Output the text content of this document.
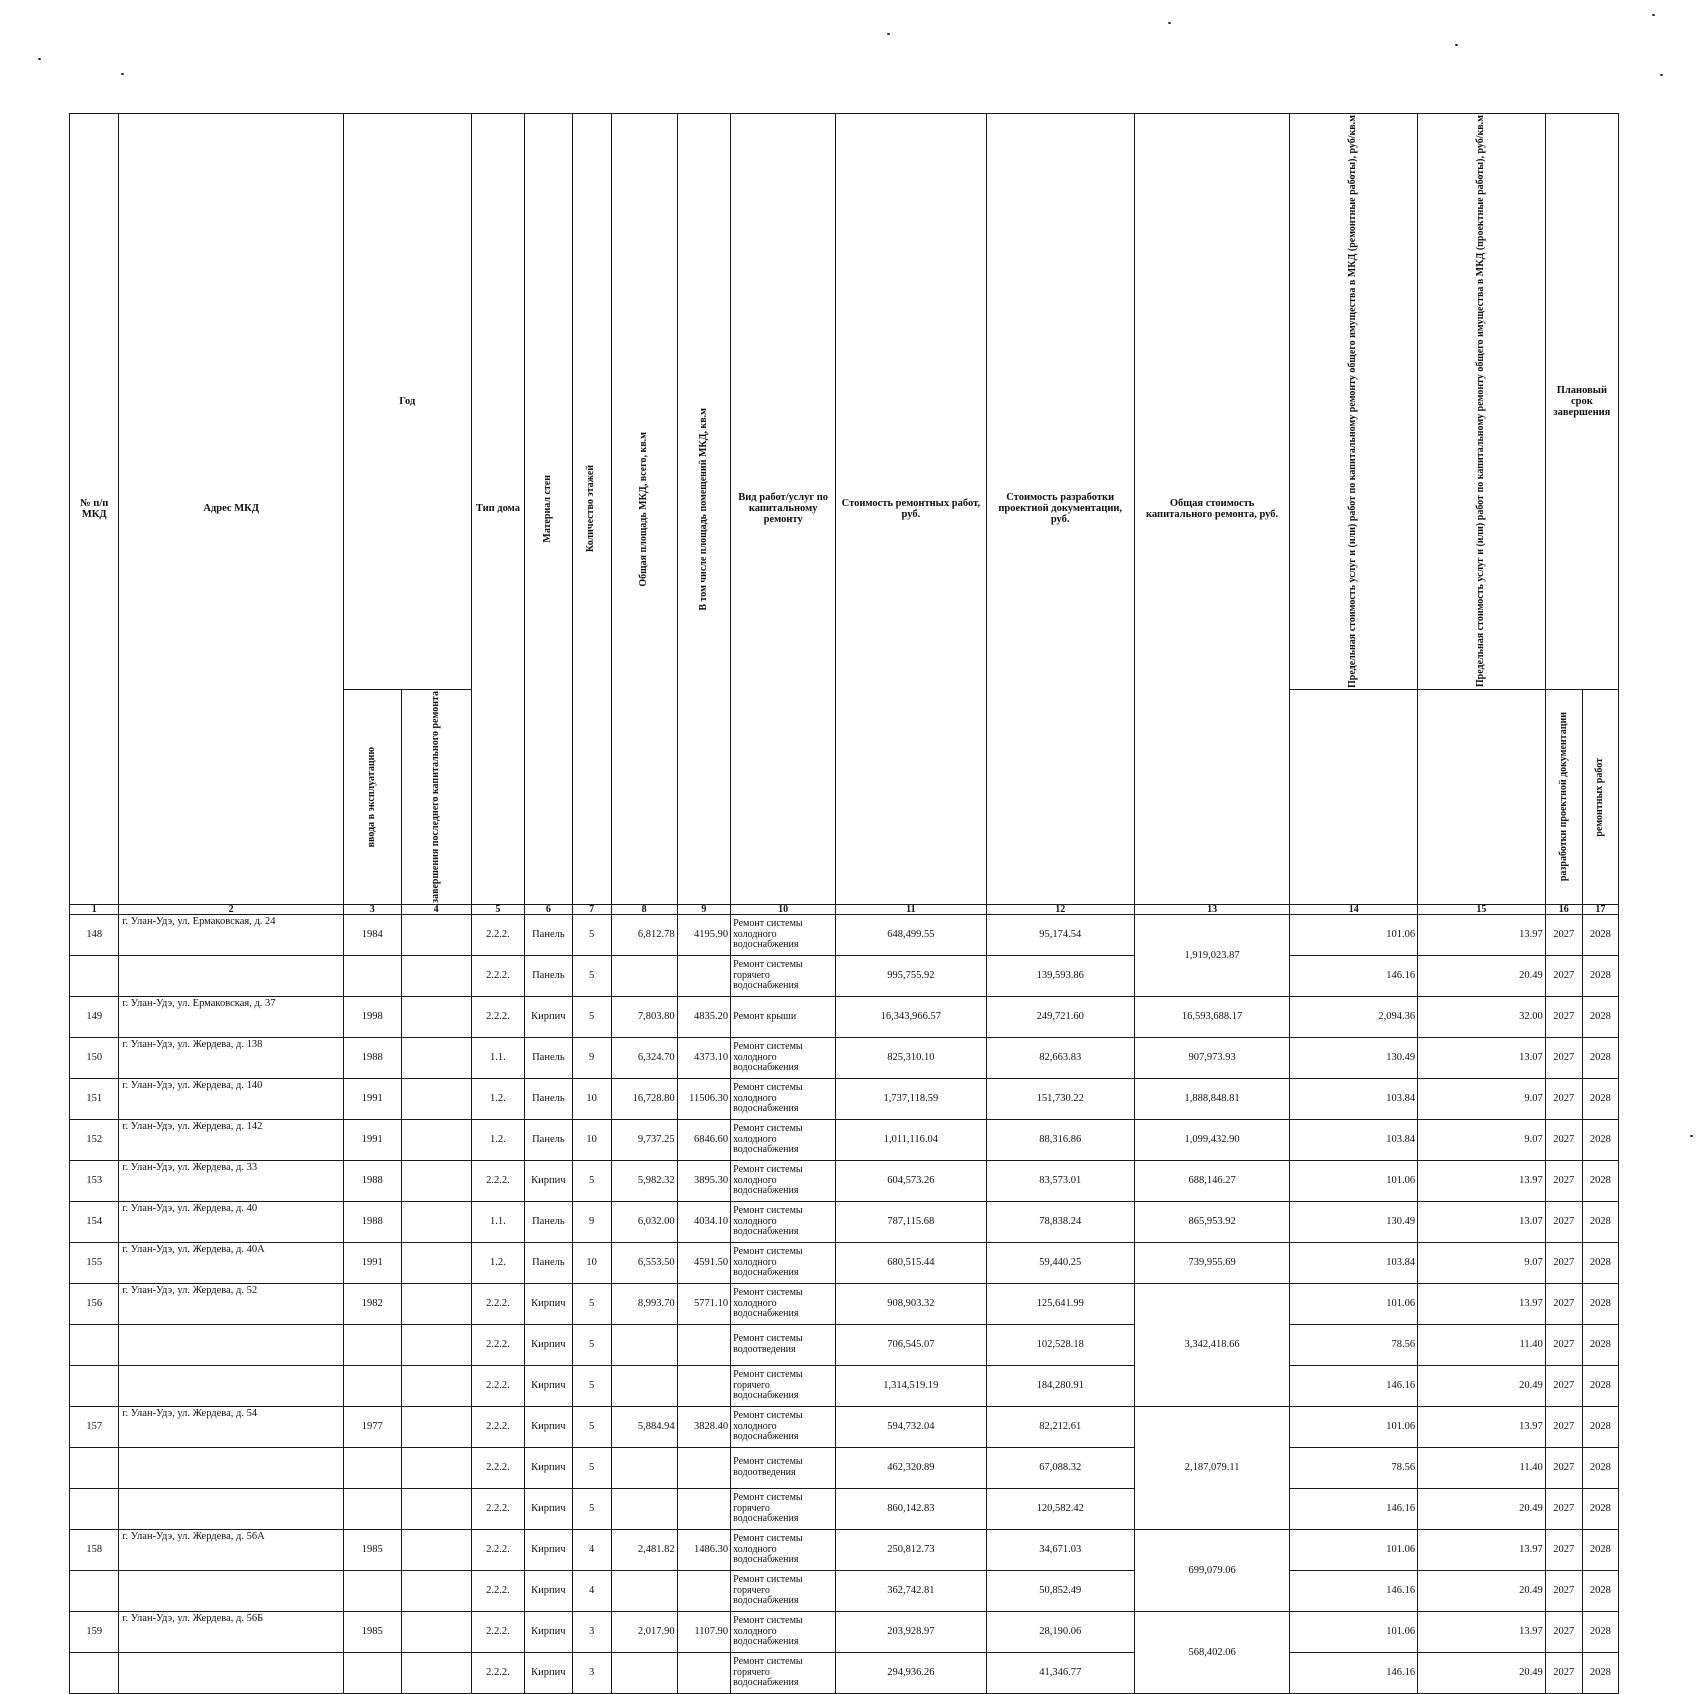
№ п/п МКД	Адрес МКД	Год		Тип дома	Материал стен	Количество этажей	Общая площадь МКД, всего, кв.м	В том числе площадь помещений МКД, кв.м	Вид работ/услуг по капитальному ремонту	Стоимость ремонтных работ, руб.	Стоимость разработки проектной документации, руб.	Общая стоимость капитального ремонта, руб.	Предельная стоимость услуг и (или) работ по капитальному ремонту общего имущества в МКД (ремонтные работы), руб/кв.м	Предельная стоимость услуг и (или) работ по капитальному ремонту общего имущества в МКД (проектные работы), руб/кв.м	Плановый срок завершения	

		ввода в эксплуатацию	завершения последнего капитального ремонта												разработки проектной документации	ремонтных работ

1	2	3	4	5	6	7	8	9	10	11	12	13	14	15	16	17
148	г. Улан-Удэ, ул. Ермаковская, д. 24	1984		2.2.2.	Панель	5	6,812.78	4195.90	Ремонт системы холодного водоснабжения	648,499.55	95,174.54	1,919,023.87	101.06	13.97	2027	2028
				2.2.2.	Панель	5			Ремонт системы горячего водоснабжения	995,755.92	139,593.86		146.16	20.49	2027	2028
149	г. Улан-Удэ, ул. Ермаковская, д. 37	1998		2.2.2.	Кирпич	5	7,803.80	4835.20	Ремонт крыши	16,343,966.57	249,721.60	16,593,688.17	2,094.36	32.00	2027	2028
150	г. Улан-Удэ, ул. Жердева, д. 138	1988		1.1.	Панель	9	6,324.70	4373.10	Ремонт системы холодного водоснабжения	825,310.10	82,663.83	907,973.93	130.49	13.07	2027	2028
151	г. Улан-Удэ, ул. Жердева, д. 140	1991		1.2.	Панель	10	16,728.80	11506.30	Ремонт системы холодного водоснабжения	1,737,118.59	151,730.22	1,888,848.81	103.84	9.07	2027	2028
152	г. Улан-Удэ, ул. Жердева, д. 142	1991		1.2.	Панель	10	9,737.25	6846.60	Ремонт системы холодного водоснабжения	1,011,116.04	88,316.86	1,099,432.90	103.84	9.07	2027	2028
153	г. Улан-Удэ, ул. Жердева, д. 33	1988		2.2.2.	Кирпич	5	5,982.32	3895.30	Ремонт системы холодного водоснабжения	604,573.26	83,573.01	688,146.27	101.06	13.97	2027	2028
154	г. Улан-Удэ, ул. Жердева, д. 40	1988		1.1.	Панель	9	6,032.00	4034.10	Ремонт системы холодного водоснабжения	787,115.68	78,838.24	865,953.92	130.49	13.07	2027	2028
155	г. Улан-Удэ, ул. Жердева, д. 40А	1991		1.2.	Панель	10	6,553.50	4591.50	Ремонт системы холодного водоснабжения	680,515.44	59,440.25	739,955.69	103.84	9.07	2027	2028
156	г. Улан-Удэ, ул. Жердева, д. 52	1982		2.2.2.	Кирпич	5	8,993.70	5771.10	Ремонт системы холодного водоснабжения	908,903.32	125,641.99	3,342,418.66	101.06	13.97	2027	2028
				2.2.2.	Кирпич	5			Ремонт системы водоотведения	706,545.07	102,528.18		78.56	11.40	2027	2028
				2.2.2.	Кирпич	5			Ремонт системы горячего водоснабжения	1,314,519.19	184,280.91		146.16	20.49	2027	2028
157	г. Улан-Удэ, ул. Жердева, д. 54	1977		2.2.2.	Кирпич	5	5,884.94	3828.40	Ремонт системы холодного водоснабжения	594,732.04	82,212.61	2,187,079.11	101.06	13.97	2027	2028
				2.2.2.	Кирпич	5			Ремонт системы водоотведения	462,320.89	67,088.32		78.56	11.40	2027	2028
				2.2.2.	Кирпич	5			Ремонт системы горячего водоснабжения	860,142.83	120,582.42		146.16	20.49	2027	2028
158	г. Улан-Удэ, ул. Жердева, д. 56А	1985		2.2.2.	Кирпич	4	2,481.82	1486.30	Ремонт системы холодного водоснабжения	250,812.73	34,671.03	699,079.06	101.06	13.97	2027	2028
				2.2.2.	Кирпич	4			Ремонт системы горячего водоснабжения	362,742.81	50,852.49		146.16	20.49	2027	2028
159	г. Улан-Удэ, ул. Жердева, д. 56Б	1985		2.2.2.	Кирпич	3	2,017.90	1107.90	Ремонт системы холодного водоснабжения	203,928.97	28,190.06	568,402.06	101.06	13.97	2027	2028
				2.2.2.	Кирпич	3			Ремонт системы горячего водоснабжения	294,936.26	41,346.77		146.16	20.49	2027	2028
